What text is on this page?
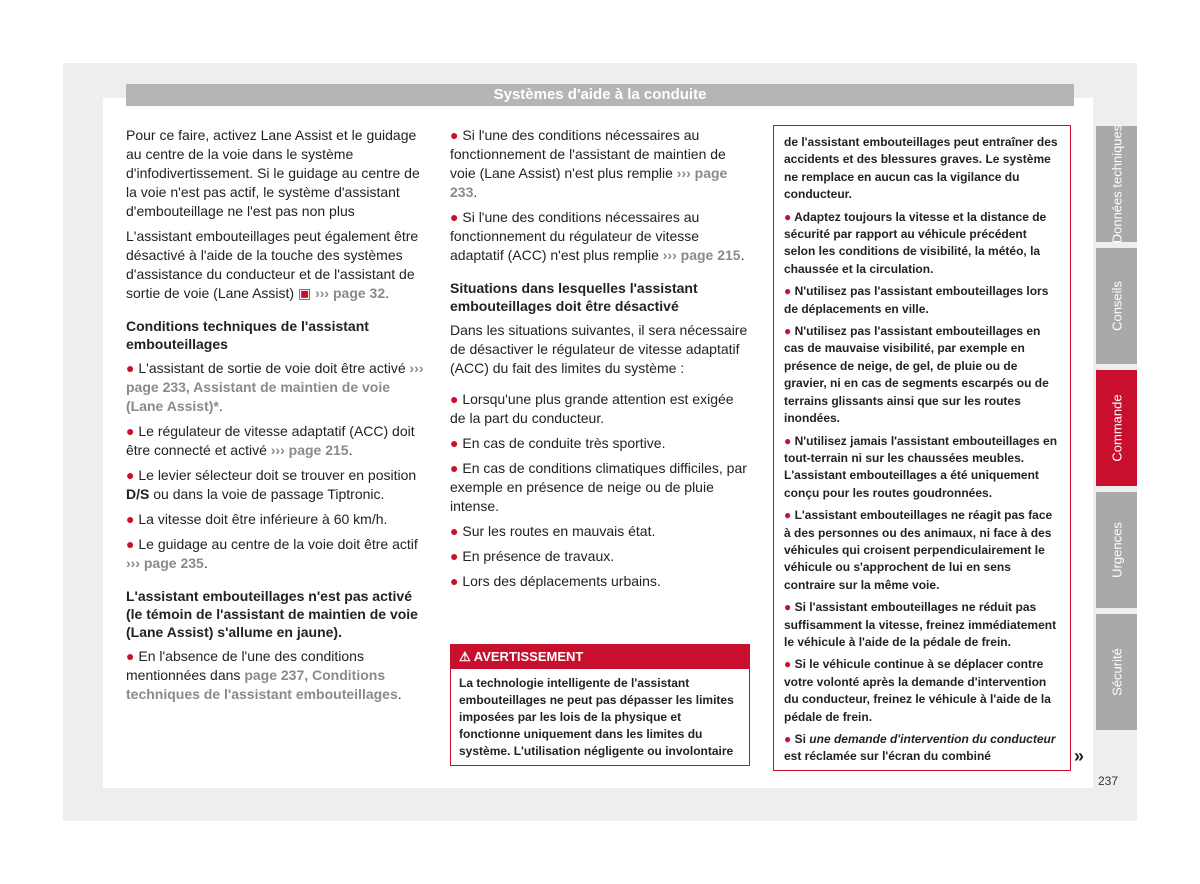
Systèmes d'aide à la conduite

Pour ce faire, activez Lane Assist et le guidage au centre de la voie dans le système d'infodivertissement. Si le guidage au centre de la voie n'est pas actif, le système d'assistant d'embouteillage ne l'est pas non plus

L'assistant embouteillages peut également être désactivé à l'aide de la touche des systèmes d'assistance du conducteur et de l'assistant de sortie de voie (Lane Assist) ▣ ››› page 32.

Conditions techniques de l'assistant embouteillages
● L'assistant de sortie de voie doit être activé ››› page 233, Assistant de maintien de voie (Lane Assist)*.
● Le régulateur de vitesse adaptatif (ACC) doit être connecté et activé ››› page 215.
● Le levier sélecteur doit se trouver en position D/S ou dans la voie de passage Tiptronic.
● La vitesse doit être inférieure à 60 km/h.
● Le guidage au centre de la voie doit être actif ››› page 235.
L'assistant embouteillages n'est pas activé (le témoin de l'assistant de maintien de voie (Lane Assist) s'allume en jaune).
● En l'absence de l'une des conditions mentionnées dans page 237, Conditions techniques de l'assistant embouteillages.
● Si l'une des conditions nécessaires au fonctionnement de l'assistant de maintien de voie (Lane Assist) n'est plus remplie ››› page 233.
● Si l'une des conditions nécessaires au fonctionnement du régulateur de vitesse adaptatif (ACC) n'est plus remplie ››› page 215.
Situations dans lesquelles l'assistant embouteillages doit être désactivé

Dans les situations suivantes, il sera nécessaire de désactiver le régulateur de vitesse adaptatif (ACC) du fait des limites du système :

● Lorsqu'une plus grande attention est exigée de la part du conducteur.
● En cas de conduite très sportive.
● En cas de conditions climatiques difficiles, par exemple en présence de neige ou de pluie intense.
● Sur les routes en mauvais état.
● En présence de travaux.
● Lors des déplacements urbains.
⚠ AVERTISSEMENT
La technologie intelligente de l'assistant embouteillages ne peut pas dépasser les limites imposées par les lois de la physique et fonctionne uniquement dans les limites du système. L'utilisation négligente ou involontaire
de l'assistant embouteillages peut entraîner des accidents et des blessures graves. Le système ne remplace en aucun cas la vigilance du conducteur.
● Adaptez toujours la vitesse et la distance de sécurité par rapport au véhicule précédent selon les conditions de visibilité, la météo, la chaussée et la circulation.
● N'utilisez pas l'assistant embouteillages lors de déplacements en ville.
● N'utilisez pas l'assistant embouteillages en cas de mauvaise visibilité, par exemple en présence de neige, de gel, de pluie ou de gravier, ni en cas de segments escarpés ou de terrains glissants ainsi que sur les routes inondées.
● N'utilisez jamais l'assistant embouteillages en tout-terrain ni sur les chaussées meubles. L'assistant embouteillages a été uniquement conçu pour les routes goudronnées.
● L'assistant embouteillages ne réagit pas face à des personnes ou des animaux, ni face à des véhicules qui croisent perpendiculairement le véhicule ou s'approchent de lui en sens contraire sur la même voie.
● Si l'assistant embouteillages ne réduit pas suffisamment la vitesse, freinez immédiatement le véhicule à l'aide de la pédale de frein.
● Si le véhicule continue à se déplacer contre votre volonté après la demande d'intervention du conducteur, freinez le véhicule à l'aide de la pédale de frein.
● Si une demande d'intervention du conducteur est réclamée sur l'écran du combiné	»
Données techniques
Conseils
Commande
Urgences
Sécurité
237
